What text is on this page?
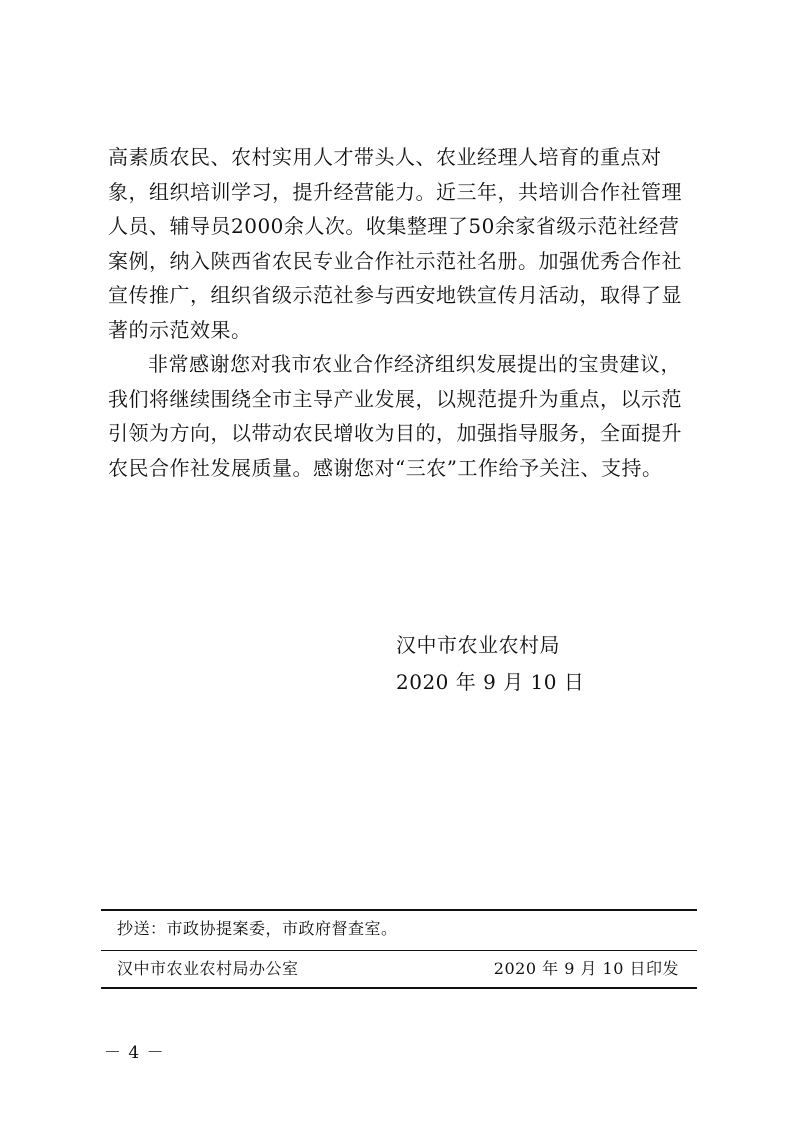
高素质农民、农村实用人才带头人、农业经理人培育的重点对象，组织培训学习，提升经营能力。近三年，共培训合作社管理人员、辅导员2000余人次。收集整理了50余家省级示范社经营案例，纳入陕西省农民专业合作社示范社名册。加强优秀合作社宣传推广，组织省级示范社参与西安地铁宣传月活动，取得了显著的示范效果。

非常感谢您对我市农业合作经济组织发展提出的宝贵建议，我们将继续围绕全市主导产业发展，以规范提升为重点，以示范引领为方向，以带动农民增收为目的，加强指导服务，全面提升农民合作社发展质量。感谢您对“三农”工作给予关注、支持。

汉中市农业农村局
2020 年 9 月 10 日
抄送：市政协提案委，市政府督查室。
汉中市农业农村局办公室	2020 年 9 月 10 日印发
－ 4 －
